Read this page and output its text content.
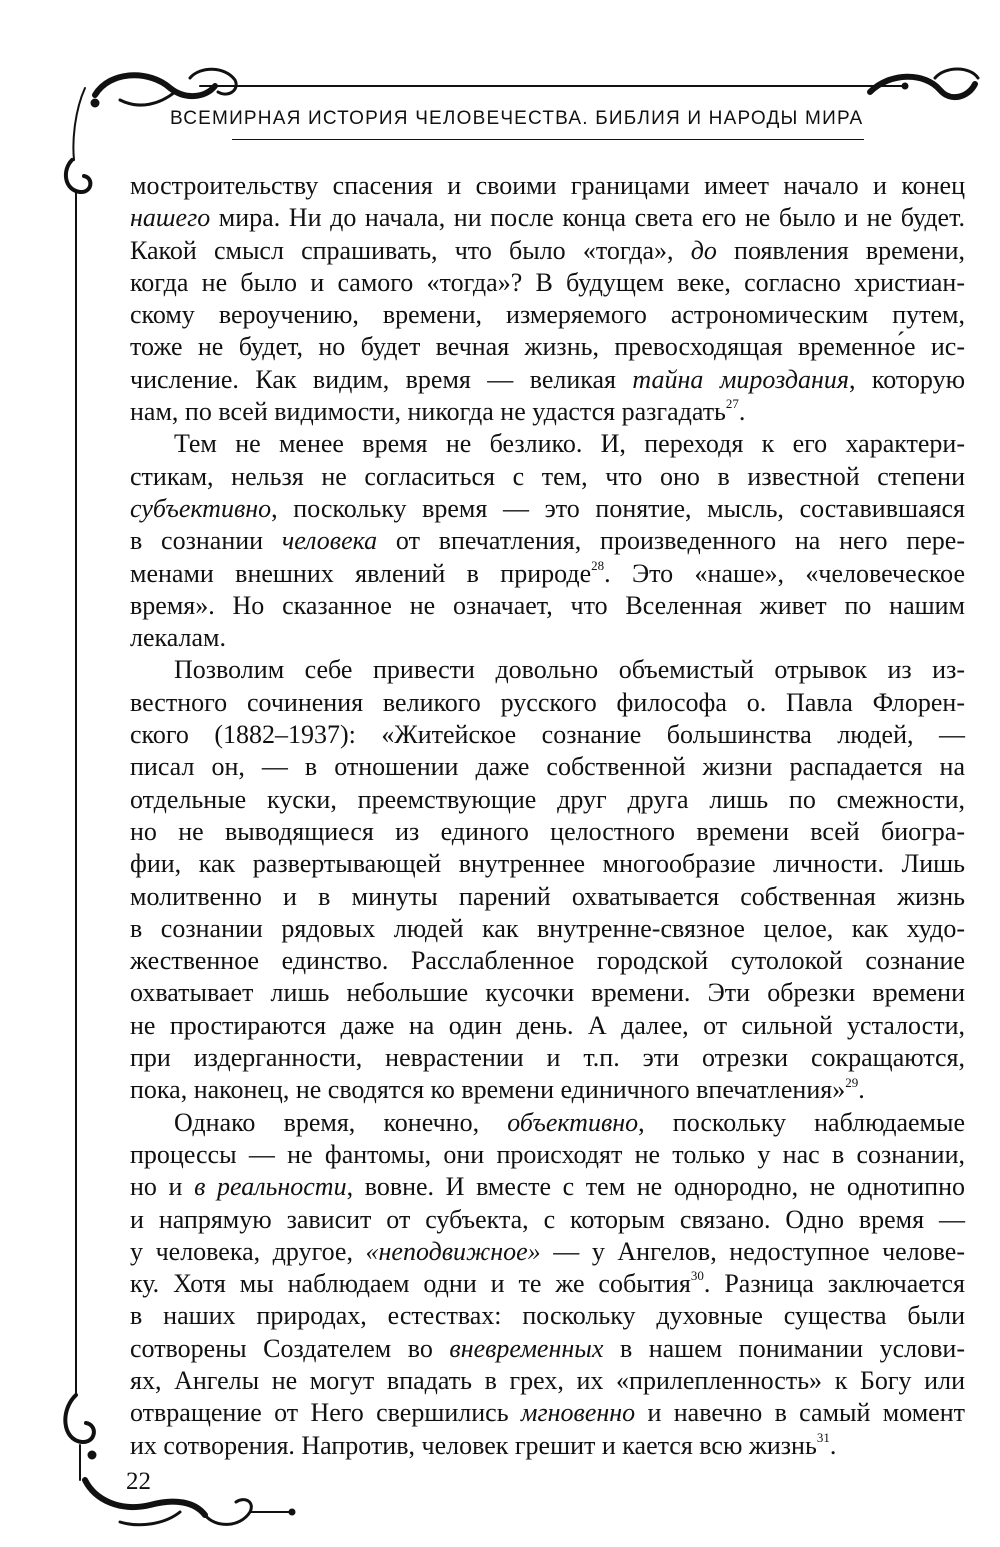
ВСЕМИРНАЯ ИСТОРИЯ ЧЕЛОВЕЧЕСТВА. БИБЛИЯ И НАРОДЫ МИРА
мостроительству спасения и своими границами имеет начало и конец
нашего мира. Ни до начала, ни после конца света его не было и не будет.
Какой смысл спрашивать, что было «тогда», до появления времени,
когда не было и самого «тогда»? В будущем веке, согласно христиан-
скому вероучению, времени, измеряемого астрономическим путем,
тоже не будет, но будет вечная жизнь, превосходящая временно́е ис-
числение. Как видим, время — великая тайна мироздания, которую
нам, по всей видимости, никогда не удастся разгадать$^{27}$.
Тем не менее время не безлико. И, переходя к его характери-
стикам, нельзя не согласиться с тем, что оно в известной степени
субъективно, поскольку время — это понятие, мысль, составившаяся
в сознании человека от впечатления, произведенного на него пере-
менами внешних явлений в природе$^{28}$. Это «наше», «человеческое
время». Но сказанное не означает, что Вселенная живет по нашим
лекалам.
Позволим себе привести довольно объемистый отрывок из из-
вестного сочинения великого русского философа о. Павла Флорен-
ского (1882–1937): «Житейское сознание большинства людей, —
писал он, — в отношении даже собственной жизни распадается на
отдельные куски, преемствующие друг друга лишь по смежности,
но не выводящиеся из единого целостного времени всей биогра-
фии, как развертывающей внутреннее многообразие личности. Лишь
молитвенно и в минуты парений охватывается собственная жизнь
в сознании рядовых людей как внутренне-связное целое, как худо-
жественное единство. Расслабленное городской сутолокой сознание
охватывает лишь небольшие кусочки времени. Эти обрезки времени
не простираются даже на один день. А далее, от сильной усталости,
при издерганности, неврастении и т.п. эти отрезки сокращаются,
пока, наконец, не сводятся ко времени единичного впечатления»$^{29}$.
Однако время, конечно, объективно, поскольку наблюдаемые
процессы — не фантомы, они происходят не только у нас в сознании,
но и в реальности, вовне. И вместе с тем не однородно, не однотипно
и напрямую зависит от субъекта, с которым связано. Одно время —
у человека, другое, «неподвижное» — у Ангелов, недоступное челове-
ку. Хотя мы наблюдаем одни и те же события$^{30}$. Разница заключается
в наших природах, естествах: поскольку духовные существа были
сотворены Создателем во вневременных в нашем понимании услови-
ях, Ангелы не могут впадать в грех, их «прилепленность» к Богу или
отвращение от Него свершились мгновенно и навечно в самый момент
их сотворения. Напротив, человек грешит и кается всю жизнь$^{31}$.
22
